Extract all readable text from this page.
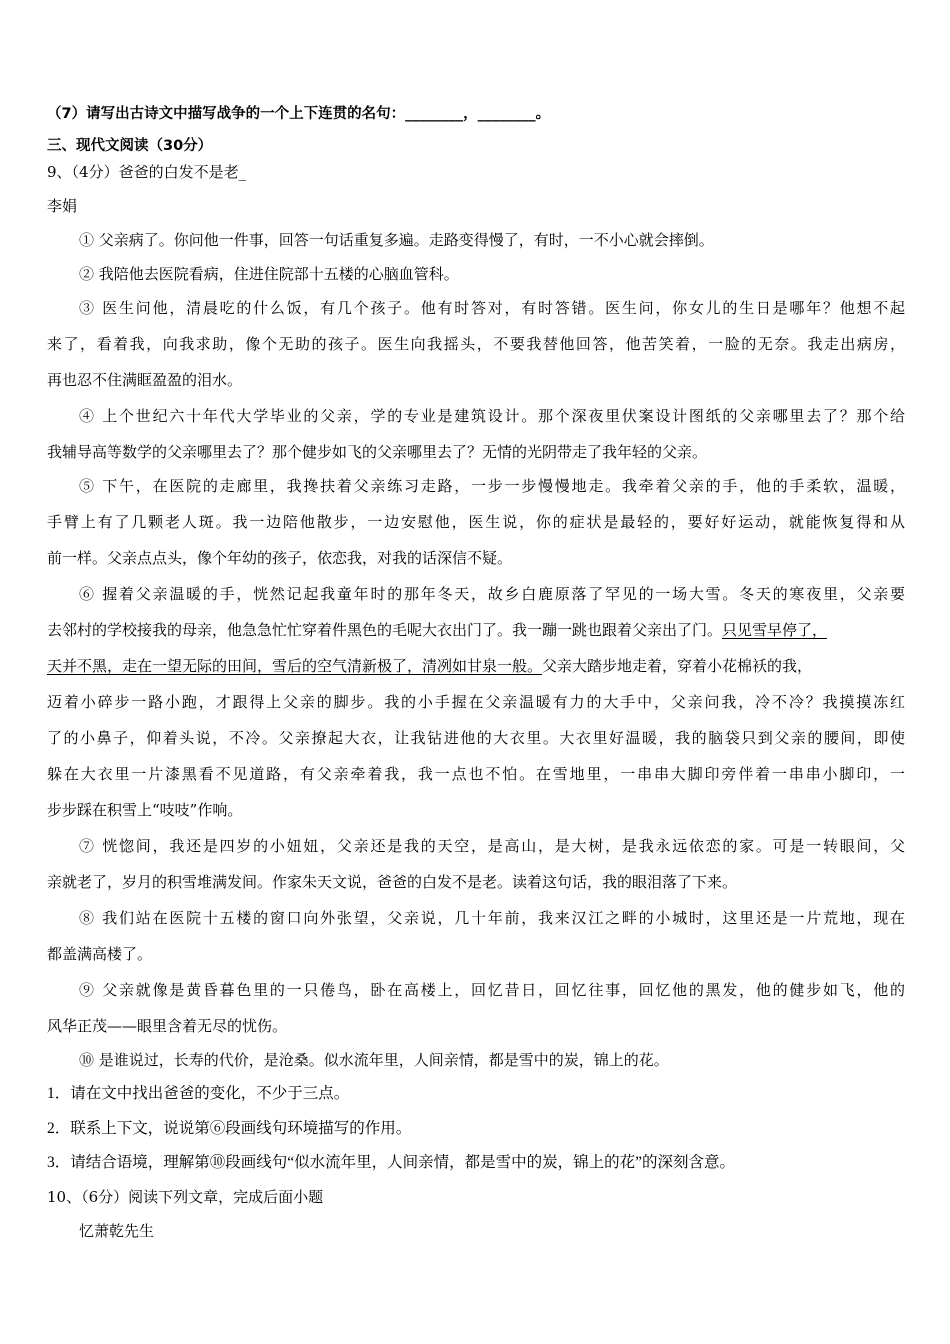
（7）请写出古诗文中描写战争的一个上下连贯的名句：________，________。
三、现代文阅读（30分）
9、（4分）爸爸的白发不是老_
李娟
① 父亲病了。你问他一件事，回答一句话重复多遍。走路变得慢了，有时，一不小心就会摔倒。
② 我陪他去医院看病，住进住院部十五楼的心脑血管科。
③ 医生问他，清晨吃的什么饭，有几个孩子。他有时答对，有时答错。医生问，你女儿的生日是哪年？他想不起
来了，看着我，向我求助，像个无助的孩子。医生向我摇头，不要我替他回答，他苦笑着，一脸的无奈。我走出病房，
再也忍不住满眶盈盈的泪水。
④ 上个世纪六十年代大学毕业的父亲，学的专业是建筑设计。那个深夜里伏案设计图纸的父亲哪里去了？那个给
我辅导高等数学的父亲哪里去了？那个健步如飞的父亲哪里去了？无情的光阴带走了我年轻的父亲。
⑤ 下午，在医院的走廊里，我搀扶着父亲练习走路，一步一步慢慢地走。我牵着父亲的手，他的手柔软，温暖，
手臂上有了几颗老人斑。我一边陪他散步，一边安慰他，医生说，你的症状是最轻的，要好好运动，就能恢复得和从
前一样。父亲点点头，像个年幼的孩子，依恋我，对我的话深信不疑。
⑥ 握着父亲温暖的手，恍然记起我童年时的那年冬天，故乡白鹿原落了罕见的一场大雪。冬天的寒夜里，父亲要
去邻村的学校接我的母亲，他急急忙忙穿着件黑色的毛呢大衣出门了。我一蹦一跳也跟着父亲出了门。只见雪早停了，
天并不黑，走在一望无际的田间，雪后的空气清新极了，清冽如甘泉一般。父亲大踏步地走着，穿着小花棉袄的我，
迈着小碎步一路小跑，才跟得上父亲的脚步。我的小手握在父亲温暖有力的大手中，父亲问我，冷不冷？我摸摸冻红
了的小鼻子，仰着头说，不冷。父亲撩起大衣，让我钻进他的大衣里。大衣里好温暖，我的脑袋只到父亲的腰间，即使
躲在大衣里一片漆黑看不见道路，有父亲牵着我，我一点也不怕。在雪地里，一串串大脚印旁伴着一串串小脚印，一
步步踩在积雪上“吱吱”作响。
⑦ 恍惚间，我还是四岁的小妞妞，父亲还是我的天空，是高山，是大树，是我永远依恋的家。可是一转眼间，父
亲就老了，岁月的积雪堆满发间。作家朱天文说，爸爸的白发不是老。读着这句话，我的眼泪落了下来。
⑧ 我们站在医院十五楼的窗口向外张望，父亲说，几十年前，我来汉江之畔的小城时，这里还是一片荒地，现在
都盖满高楼了。
⑨ 父亲就像是黄昏暮色里的一只倦鸟，卧在高楼上，回忆昔日，回忆往事，回忆他的黑发，他的健步如飞，他的
风华正茂——眼里含着无尽的忧伤。
⑩ 是谁说过，长寿的代价，是沧桑。似水流年里，人间亲情，都是雪中的炭，锦上的花。
1．请在文中找出爸爸的变化，不少于三点。
2．联系上下文，说说第⑥段画线句环境描写的作用。
3．请结合语境，理解第⑩段画线句“似水流年里，人间亲情，都是雪中的炭，锦上的花”的深刻含意。
10、（6分）阅读下列文章，完成后面小题
忆萧乾先生
